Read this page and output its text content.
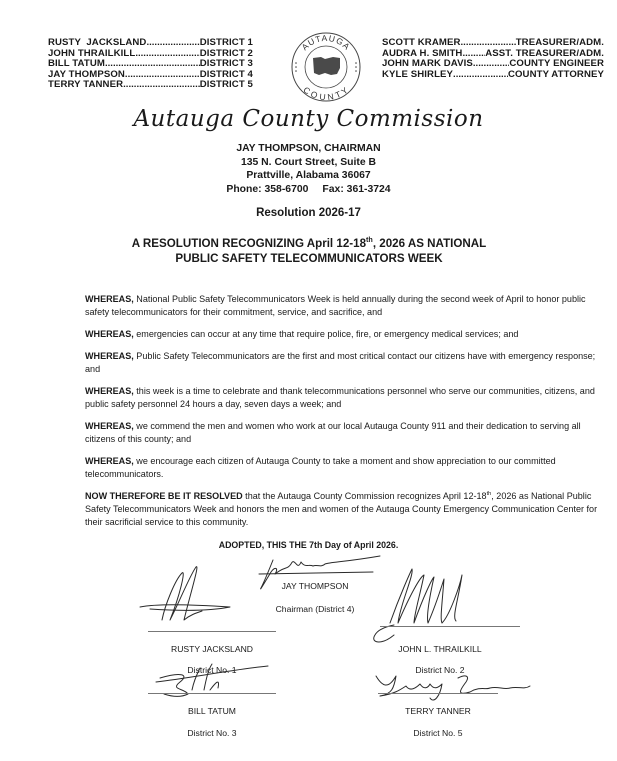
RUSTY  JACKSLAND .....	DISTRICT 1
JOHN THRAILKILL .....	DISTRICT 2
BILL TATUM .....	DISTRICT 3
JAY THOMPSON .....	DISTRICT 4
TERRY TANNER .....	DISTRICT 5
AUTAUGA
COUNTY
SCOTT KRAMER .....	TREASURER/ADM.
AUDRA H. SMITH ..... ASST. TREASURER/ADM.
JOHN MARK DAVIS .....	COUNTY ENGINEER
KYLE SHIRLEY .....	COUNTY ATTORNEY
Autauga County Commission
JAY THOMPSON, CHAIRMAN
135 N. Court Street, Suite B
Prattville, Alabama 36067
Phone: 358-6700 Fax: 361-3724
Resolution 2026-17
A RESOLUTION RECOGNIZING April 12-18th, 2026 AS NATIONAL PUBLIC SAFETY TELECOMMUNICATORS WEEK

WHEREAS, National Public Safety Telecommunicators Week is held annually during the second week of April to honor public safety telecommunicators for their commitment, service, and sacrifice, and

WHEREAS, emergencies can occur at any time that require police, fire, or emergency medical services; and

WHEREAS, Public Safety Telecommunicators are the first and most critical contact our citizens have with emergency response; and

WHEREAS, this week is a time to celebrate and thank telecommunications personnel who serve our communities, citizens, and public safety personnel 24 hours a day, seven days a week; and

WHEREAS, we commend the men and women who work at our local Autauga County 911 and their dedication to serving all citizens of this county; and

WHEREAS, we encourage each citizen of Autauga County to take a moment and show appreciation to our committed telecommunicators.

NOW THEREFORE BE IT RESOLVED that the Autauga County Commission recognizes April 12-18th, 2026 as National Public Safety Telecommunicators Week and honors the men and women of the Autauga County Emergency Communication Center for their sacrificial service to this community.

ADOPTED, THIS THE 7th Day of April 2026.
JAY THOMPSON
Chairman (District 4)
RUSTY JACKSLAND
District No. 1
JOHN L. THRAILKILL
District No. 2
BILL TATUM
District No. 3
TERRY TANNER
District No. 5
